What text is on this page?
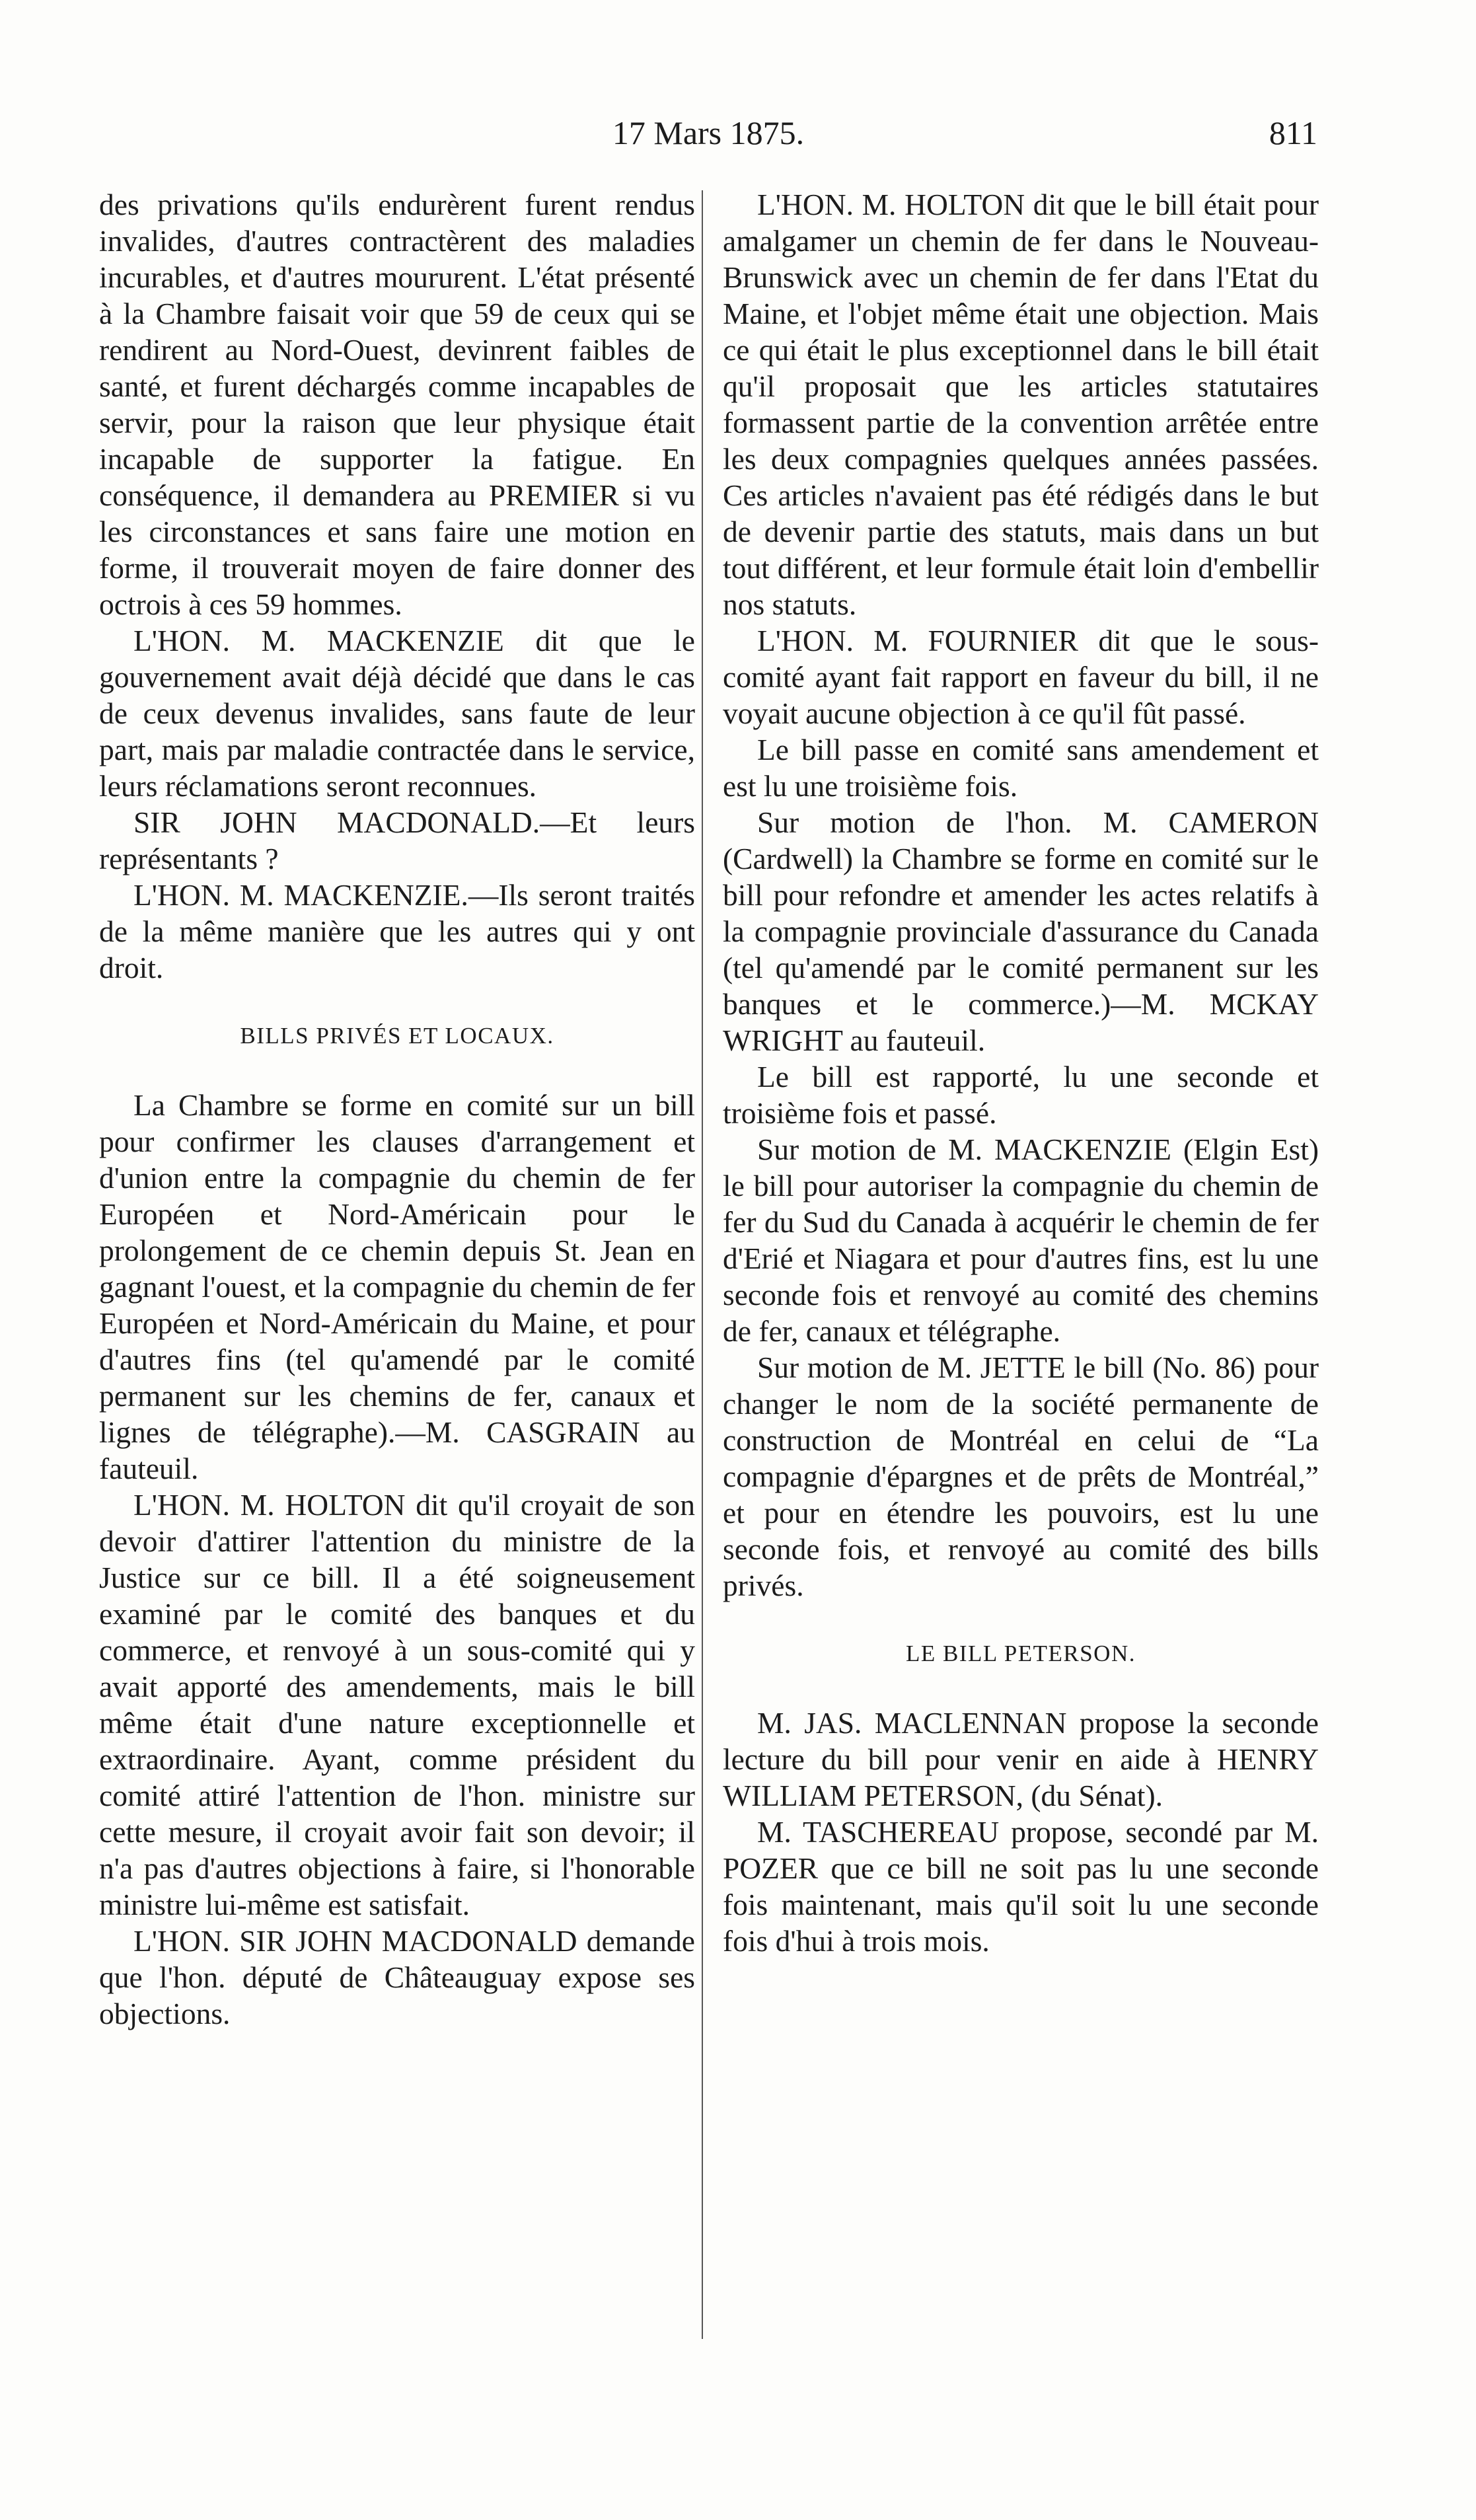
17 Mars 1875.	811

des privations qu'ils endurèrent furent rendus invalides, d'autres contractèrent des maladies incurables, et d'autres moururent. L'état présenté à la Chambre faisait voir que 59 de ceux qui se rendirent au Nord-Ouest, devinrent faibles de santé, et furent déchargés comme incapables de servir, pour la raison que leur physique était incapable de supporter la fatigue. En conséquence, il demandera au PREMIER si vu les circonstances et sans faire une motion en forme, il trouverait moyen de faire donner des octrois à ces 59 hommes.

L'HON. M. MACKENZIE dit que le gouvernement avait déjà décidé que dans le cas de ceux devenus invalides, sans faute de leur part, mais par maladie contractée dans le service, leurs réclamations seront reconnues.

SIR JOHN MACDONALD.—Et leurs représentants ?

L'HON. M. MACKENZIE.—Ils seront traités de la même manière que les autres qui y ont droit.

BILLS PRIVÉS ET LOCAUX.

La Chambre se forme en comité sur un bill pour confirmer les clauses d'arrangement et d'union entre la compagnie du chemin de fer Européen et Nord-Américain pour le prolongement de ce chemin depuis St. Jean en gagnant l'ouest, et la compagnie du chemin de fer Européen et Nord-Américain du Maine, et pour d'autres fins (tel qu'amendé par le comité permanent sur les chemins de fer, canaux et lignes de télégraphe).—M. CASGRAIN au fauteuil.

L'HON. M. HOLTON dit qu'il croyait de son devoir d'attirer l'attention du ministre de la Justice sur ce bill. Il a été soigneusement examiné par le comité des banques et du commerce, et renvoyé à un sous-comité qui y avait apporté des amendements, mais le bill même était d'une nature exceptionnelle et extraordinaire. Ayant, comme président du comité attiré l'attention de l'hon. ministre sur cette mesure, il croyait avoir fait son devoir; il n'a pas d'autres objections à faire, si l'honorable ministre lui-même est satisfait.

L'HON. SIR JOHN MACDONALD demande que l'hon. député de Châteauguay expose ses objections.

L'HON. M. HOLTON dit que le bill était pour amalgamer un chemin de fer dans le Nouveau-Brunswick avec un chemin de fer dans l'Etat du Maine, et l'objet même était une objection. Mais ce qui était le plus exceptionnel dans le bill était qu'il proposait que les articles statutaires formassent partie de la convention arrêtée entre les deux compagnies quelques années passées. Ces articles n'avaient pas été rédigés dans le but de devenir partie des statuts, mais dans un but tout différent, et leur formule était loin d'embellir nos statuts.

L'HON. M. FOURNIER dit que le sous-comité ayant fait rapport en faveur du bill, il ne voyait aucune objection à ce qu'il fût passé.

Le bill passe en comité sans amendement et est lu une troisième fois.

Sur motion de l'hon. M. CAMERON (Cardwell) la Chambre se forme en comité sur le bill pour refondre et amender les actes relatifs à la compagnie provinciale d'assurance du Canada (tel qu'amendé par le comité permanent sur les banques et le commerce.)—M. MCKAY WRIGHT au fauteuil.

Le bill est rapporté, lu une seconde et troisième fois et passé.

Sur motion de M. MACKENZIE (Elgin Est) le bill pour autoriser la compagnie du chemin de fer du Sud du Canada à acquérir le chemin de fer d'Erié et Niagara et pour d'autres fins, est lu une seconde fois et renvoyé au comité des chemins de fer, canaux et télégraphe.

Sur motion de M. JETTE le bill (No. 86) pour changer le nom de la société permanente de construction de Montréal en celui de “La compagnie d'épargnes et de prêts de Montréal,” et pour en étendre les pouvoirs, est lu une seconde fois, et renvoyé au comité des bills privés.

LE BILL PETERSON.

M. JAS. MACLENNAN propose la seconde lecture du bill pour venir en aide à HENRY WILLIAM PETERSON, (du Sénat).

M. TASCHEREAU propose, secondé par M. POZER que ce bill ne soit pas lu une seconde fois maintenant, mais qu'il soit lu une seconde fois d'hui à trois mois.
